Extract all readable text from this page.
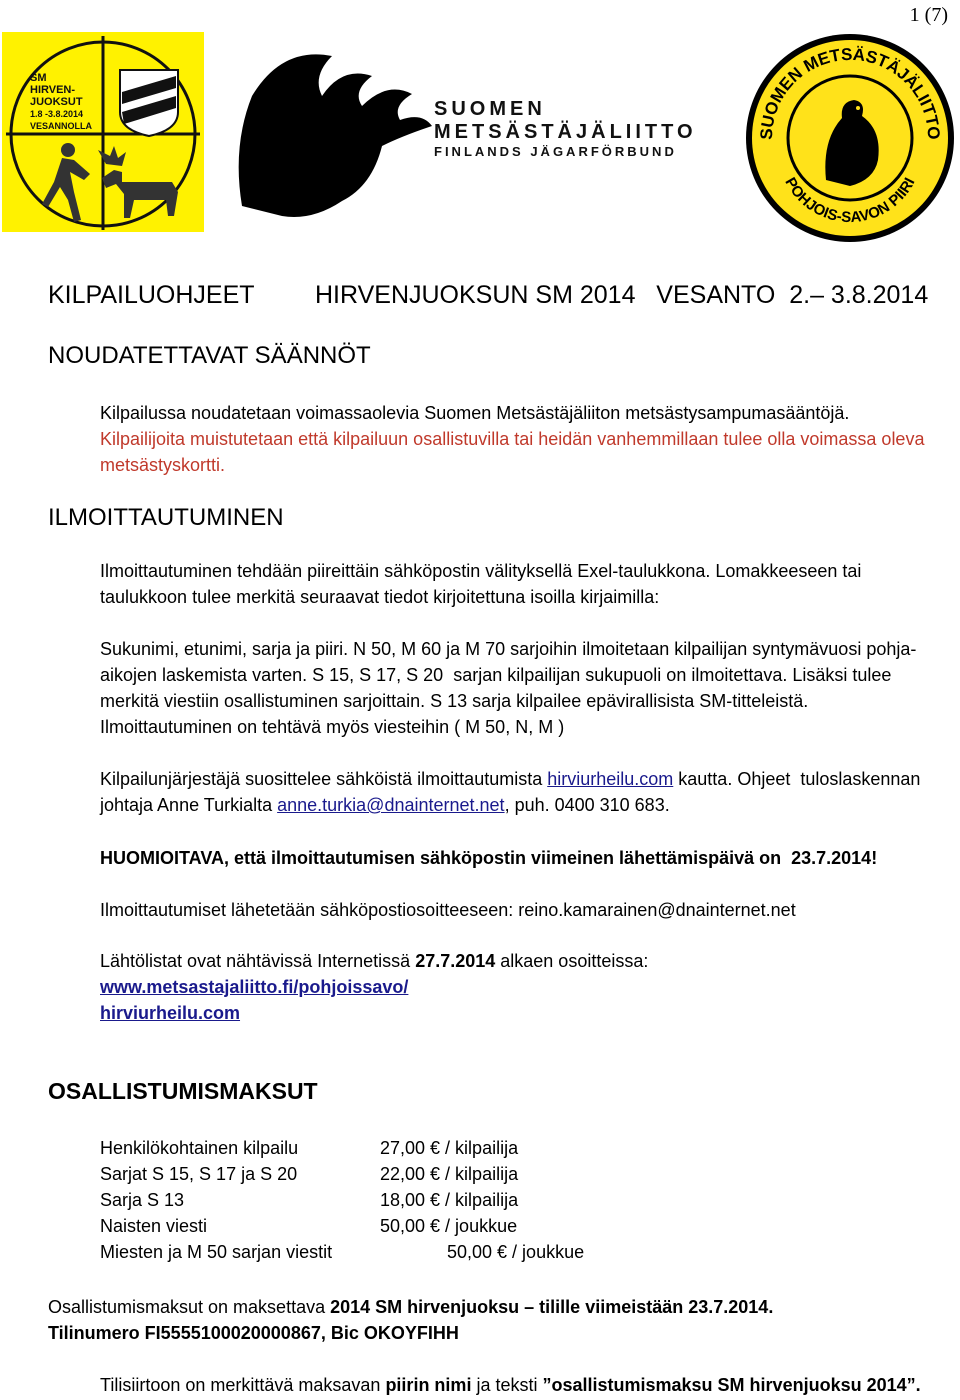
1 (7)
SM
HIRVEN-
JUOKSUT
1.8 -3.8.2014
VESANNOLLA
SUOMEN
METSÄSTÄJÄLIITTO
FINLANDS JÄGARFÖRBUND
SUOMEN METSÄSTÄJÄLIITTO
POHJOIS-SAVON PIIRI
KILPAILUOHJEET HIRVENJUOKSUN SM 2014   VESANTO  2.– 3.8.2014
NOUDATETTAVAT SÄÄNNÖT
Kilpailussa noudatetaan voimassaolevia Suomen Metsästäjäliiton metsästysampumasääntöjä.
Kilpailijoita muistutetaan että kilpailuun osallistuvilla tai heidän vanhemmillaan tulee olla voimassa oleva
metsästyskortti.
ILMOITTAUTUMINEN
Ilmoittautuminen tehdään piireittäin sähköpostin välityksellä Exel-taulukkona. Lomakkeeseen tai
taulukkoon tulee merkitä seuraavat tiedot kirjoitettuna isoilla kirjaimilla:
Sukunimi, etunimi, sarja ja piiri. N 50, M 60 ja M 70 sarjoihin ilmoitetaan kilpailijan syntymävuosi pohja-
aikojen laskemista varten. S 15, S 17, S 20  sarjan kilpailijan sukupuoli on ilmoitettava. Lisäksi tulee
merkitä viestiin osallistuminen sarjoittain. S 13 sarja kilpailee epävirallisista SM-titteleistä.
Ilmoittautuminen on tehtävä myös viesteihin ( M 50, N, M )
Kilpailunjärjestäjä suosittelee sähköistä ilmoittautumista hirviurheilu.com kautta. Ohjeet  tuloslaskennan
johtaja Anne Turkialta anne.turkia@dnainternet.net, puh. 0400 310 683.
HUOMIOITAVA, että ilmoittautumisen sähköpostin viimeinen lähettämispäivä on  23.7.2014!
Ilmoittautumiset lähetetään sähköpostiosoitteeseen: reino.kamarainen@dnainternet.net
Lähtölistat ovat nähtävissä Internetissä 27.7.2014 alkaen osoitteissa:
www.metsastajaliitto.fi/pohjoissavo/
hirviurheilu.com
OSALLISTUMISMAKSUT
Henkilökohtainen kilpailu	27,00 € / kilpailija
Sarjat S 15, S 17 ja S 20	22,00 € / kilpailija
Sarja S 13	18,00 € / kilpailija
Naisten viesti	50,00 € / joukkue
Miesten ja M 50 sarjan viestit	50,00 € / joukkue
Osallistumismaksut on maksettava 2014 SM hirvenjuoksu – tilille viimeistään 23.7.2014.
Tilinumero FI5555100020000867, Bic OKOYFIHH
Tilisiirtoon on merkittävä maksavan piirin nimi ja teksti ”osallistumismaksu SM hirvenjuoksu 2014”.
